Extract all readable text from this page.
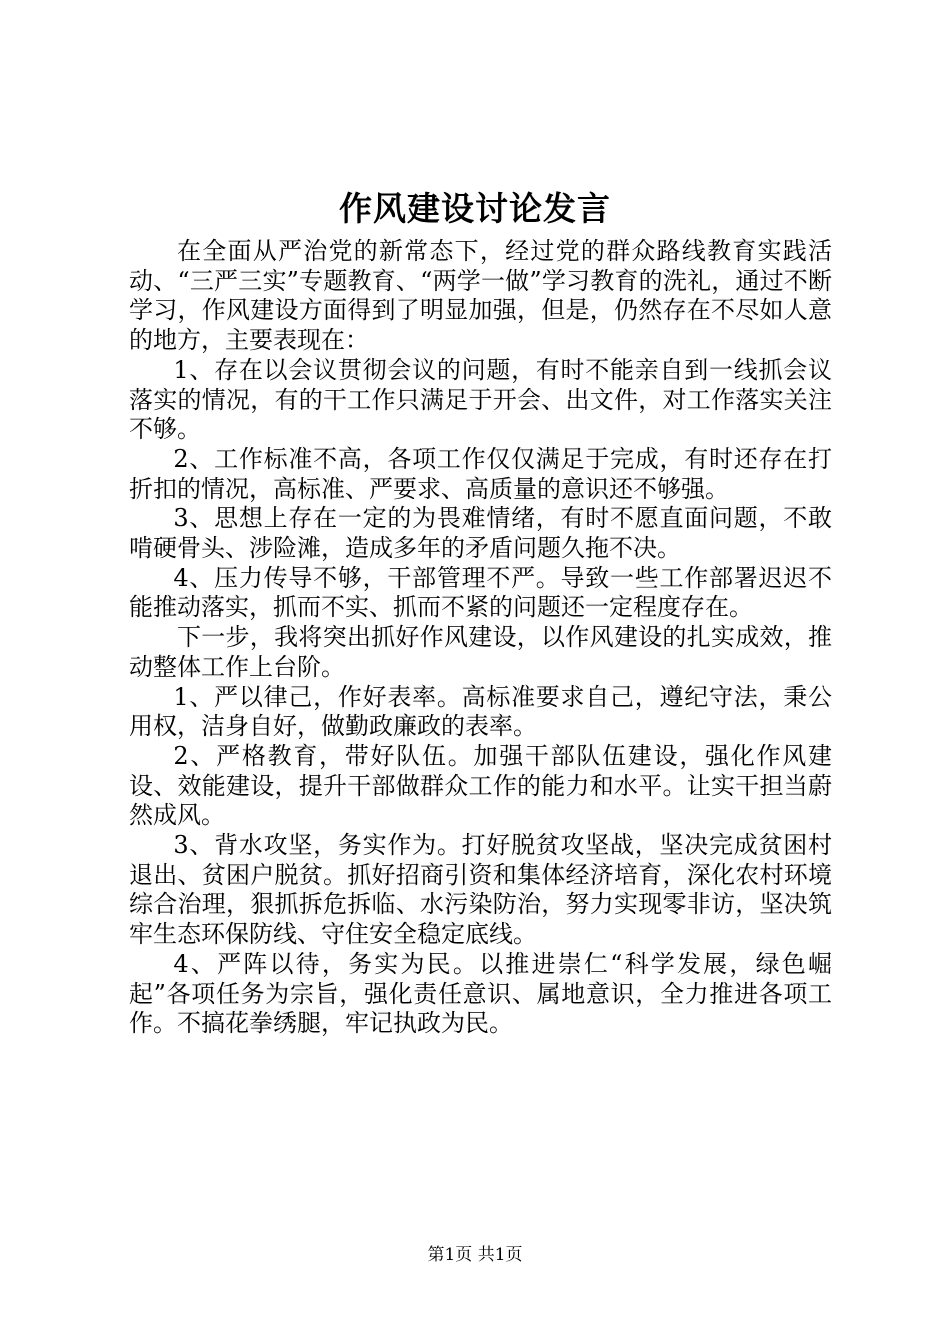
作风建设讨论发言

在全面从严治党的新常态下，经过党的群众路线教育实践活动、“三严三实”专题教育、“两学一做”学习教育的洗礼，通过不断学习，作风建设方面得到了明显加强，但是，仍然存在不尽如人意的地方，主要表现在：

1、存在以会议贯彻会议的问题，有时不能亲自到一线抓会议落实的情况，有的干工作只满足于开会、出文件，对工作落实关注不够。

2、工作标准不高，各项工作仅仅满足于完成，有时还存在打折扣的情况，高标准、严要求、高质量的意识还不够强。

3、思想上存在一定的为畏难情绪，有时不愿直面问题，不敢啃硬骨头、涉险滩，造成多年的矛盾问题久拖不决。

4、压力传导不够，干部管理不严。导致一些工作部署迟迟不能推动落实，抓而不实、抓而不紧的问题还一定程度存在。

下一步，我将突出抓好作风建设，以作风建设的扎实成效，推动整体工作上台阶。

1、严以律己，作好表率。高标准要求自己，遵纪守法，秉公用权，洁身自好，做勤政廉政的表率。

2、严格教育，带好队伍。加强干部队伍建设，强化作风建设、效能建设，提升干部做群众工作的能力和水平。让实干担当蔚然成风。

3、背水攻坚，务实作为。打好脱贫攻坚战，坚决完成贫困村退出、贫困户脱贫。抓好招商引资和集体经济培育，深化农村环境综合治理，狠抓拆危拆临、水污染防治，努力实现零非访，坚决筑牢生态环保防线、守住安全稳定底线。

4、严阵以待，务实为民。以推进崇仁“科学发展，绿色崛起”各项任务为宗旨，强化责任意识、属地意识，全力推进各项工作。不搞花拳绣腿，牢记执政为民。

第1页 共1页
